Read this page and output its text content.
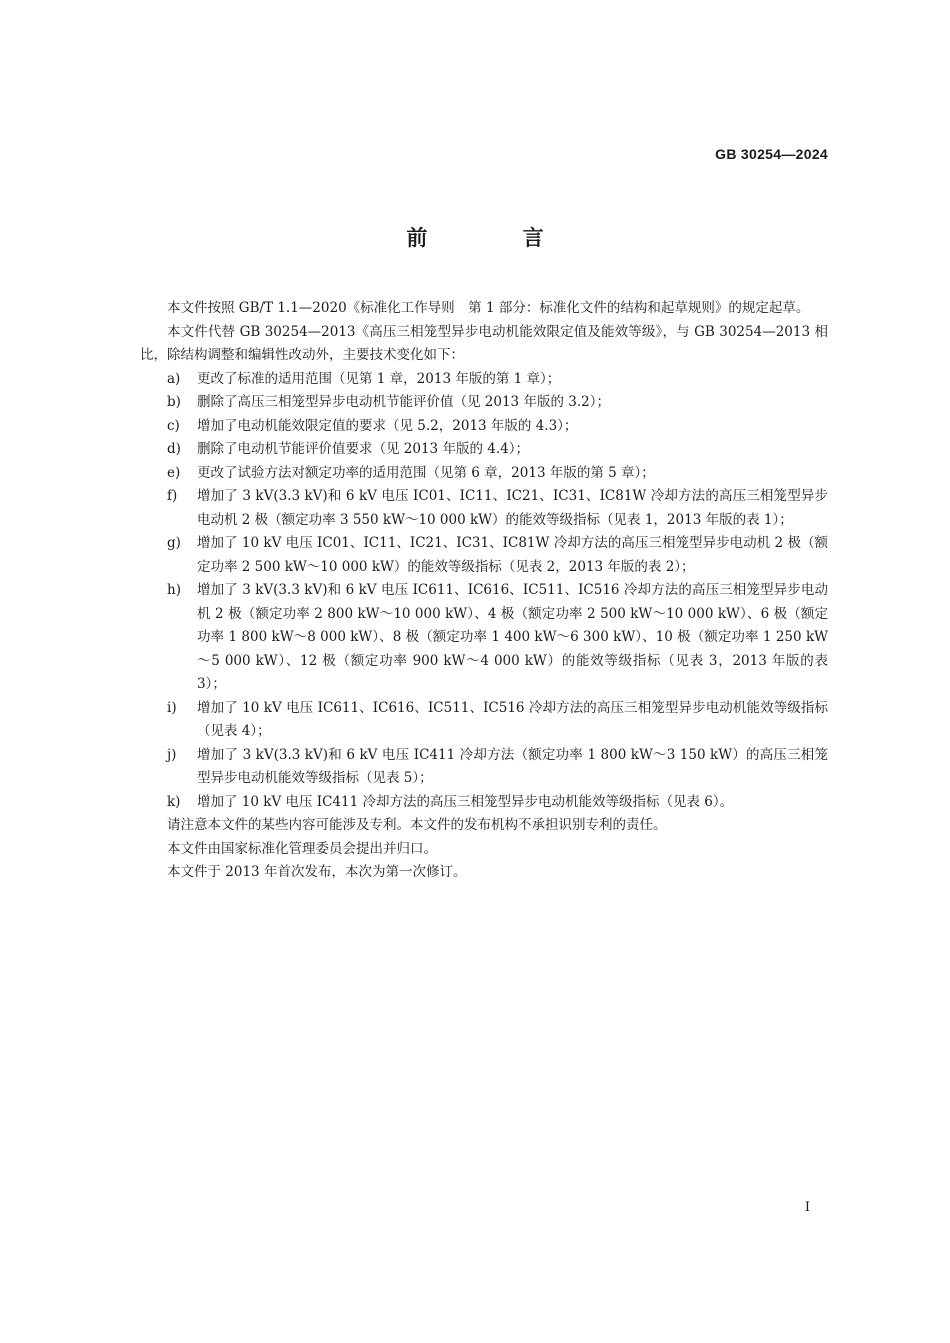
GB 30254—2024
前 言

本文件按照 GB/T 1.1—2020《标准化工作导则　第 1 部分：标准化文件的结构和起草规则》的规定起草。

本文件代替 GB 30254—2013《高压三相笼型异步电动机能效限定值及能效等级》，与 GB 30254—2013 相比，除结构调整和编辑性改动外，主要技术变化如下：

a)	更改了标准的适用范围（见第 1 章，2013 年版的第 1 章）；
b)	删除了高压三相笼型异步电动机节能评价值（见 2013 年版的 3.2）；
c)	增加了电动机能效限定值的要求（见 5.2，2013 年版的 4.3）；
d)	删除了电动机节能评价值要求（见 2013 年版的 4.4）；
e)	更改了试验方法对额定功率的适用范围（见第 6 章，2013 年版的第 5 章）；
f)	增加了 3 kV(3.3 kV)和 6 kV 电压 IC01、IC11、IC21、IC31、IC81W 冷却方法的高压三相笼型异步电动机 2 极（额定功率 3 550 kW～10 000 kW）的能效等级指标（见表 1，2013 年版的表 1）；
g)	增加了 10 kV 电压 IC01、IC11、IC21、IC31、IC81W 冷却方法的高压三相笼型异步电动机 2 极（额定功率 2 500 kW～10 000 kW）的能效等级指标（见表 2，2013 年版的表 2）；
h)	增加了 3 kV(3.3 kV)和 6 kV 电压 IC611、IC616、IC511、IC516 冷却方法的高压三相笼型异步电动机 2 极（额定功率 2 800 kW～10 000 kW）、4 极（额定功率 2 500 kW～10 000 kW）、6 极（额定功率 1 800 kW～8 000 kW）、8 极（额定功率 1 400 kW～6 300 kW）、10 极（额定功率 1 250 kW～5 000 kW）、12 极（额定功率 900 kW～4 000 kW）的能效等级指标（见表 3，2013 年版的表 3）；
i)	增加了 10 kV 电压 IC611、IC616、IC511、IC516 冷却方法的高压三相笼型异步电动机能效等级指标（见表 4）；
j)	增加了 3 kV(3.3 kV)和 6 kV 电压 IC411 冷却方法（额定功率 1 800 kW～3 150 kW）的高压三相笼型异步电动机能效等级指标（见表 5）；
k)	增加了 10 kV 电压 IC411 冷却方法的高压三相笼型异步电动机能效等级指标（见表 6）。

请注意本文件的某些内容可能涉及专利。本文件的发布机构不承担识别专利的责任。

本文件由国家标准化管理委员会提出并归口。

本文件于 2013 年首次发布，本次为第一次修订。

I
